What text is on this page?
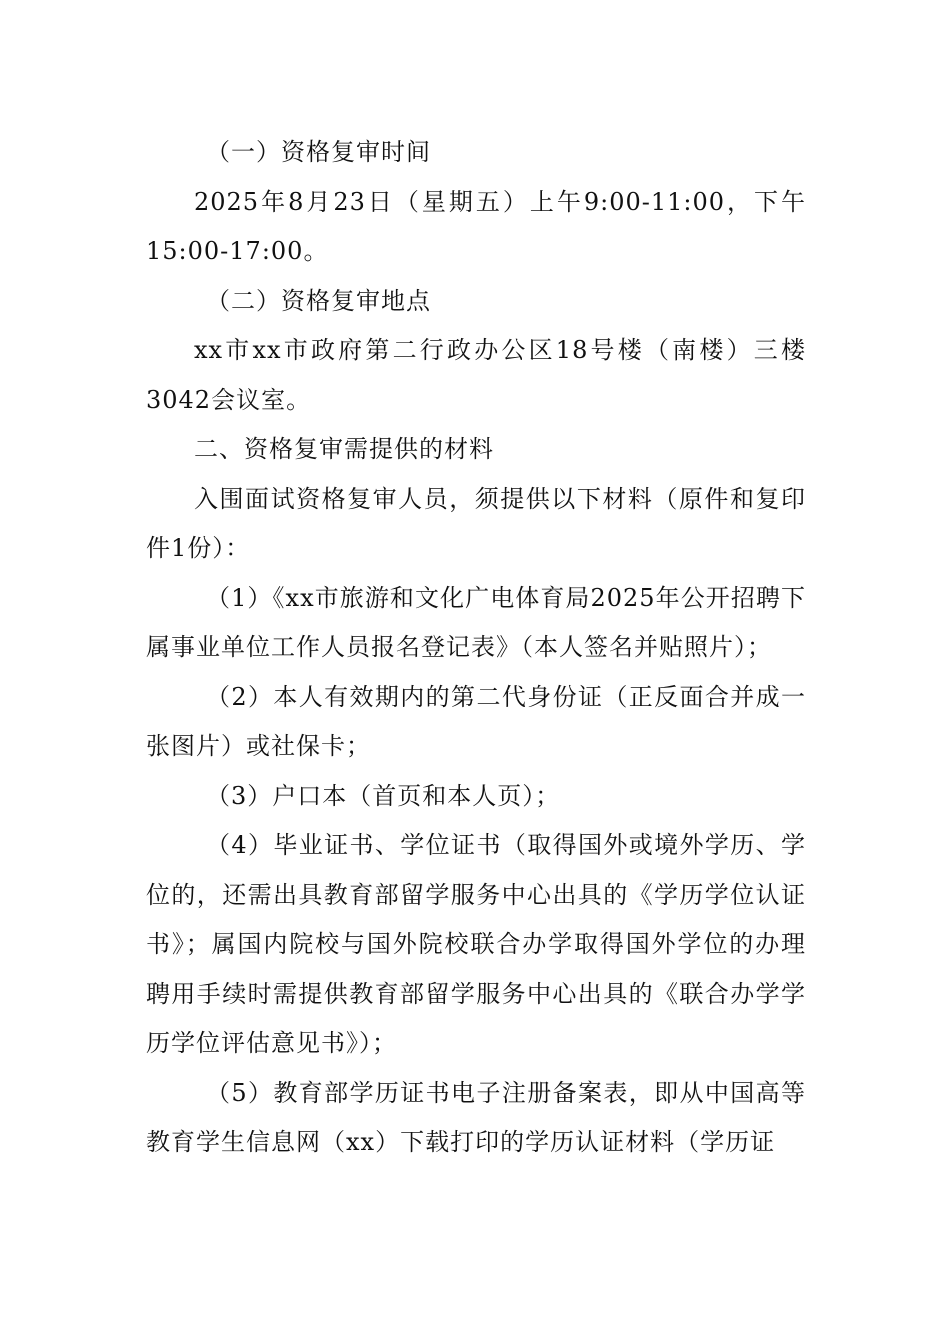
（一）资格复审时间

2025年8月23日（星期五）上午9:00-11:00，下午15:00-17:00。

（二）资格复审地点

xx市xx市政府第二行政办公区18号楼（南楼）三楼3042会议室。

二、资格复审需提供的材料

入围面试资格复审人员，须提供以下材料（原件和复印件1份）：

（1）《xx市旅游和文化广电体育局2025年公开招聘下属事业单位工作人员报名登记表》（本人签名并贴照片）；

（2）本人有效期内的第二代身份证（正反面合并成一张图片）或社保卡；

（3）户口本（首页和本人页）；

（4）毕业证书、学位证书（取得国外或境外学历、学位的，还需出具教育部留学服务中心出具的《学历学位认证书》；属国内院校与国外院校联合办学取得国外学位的办理聘用手续时需提供教育部留学服务中心出具的《联合办学学历学位评估意见书》）；

（5）教育部学历证书电子注册备案表，即从中国高等教育学生信息网（xx）下载打印的学历认证材料（学历证
